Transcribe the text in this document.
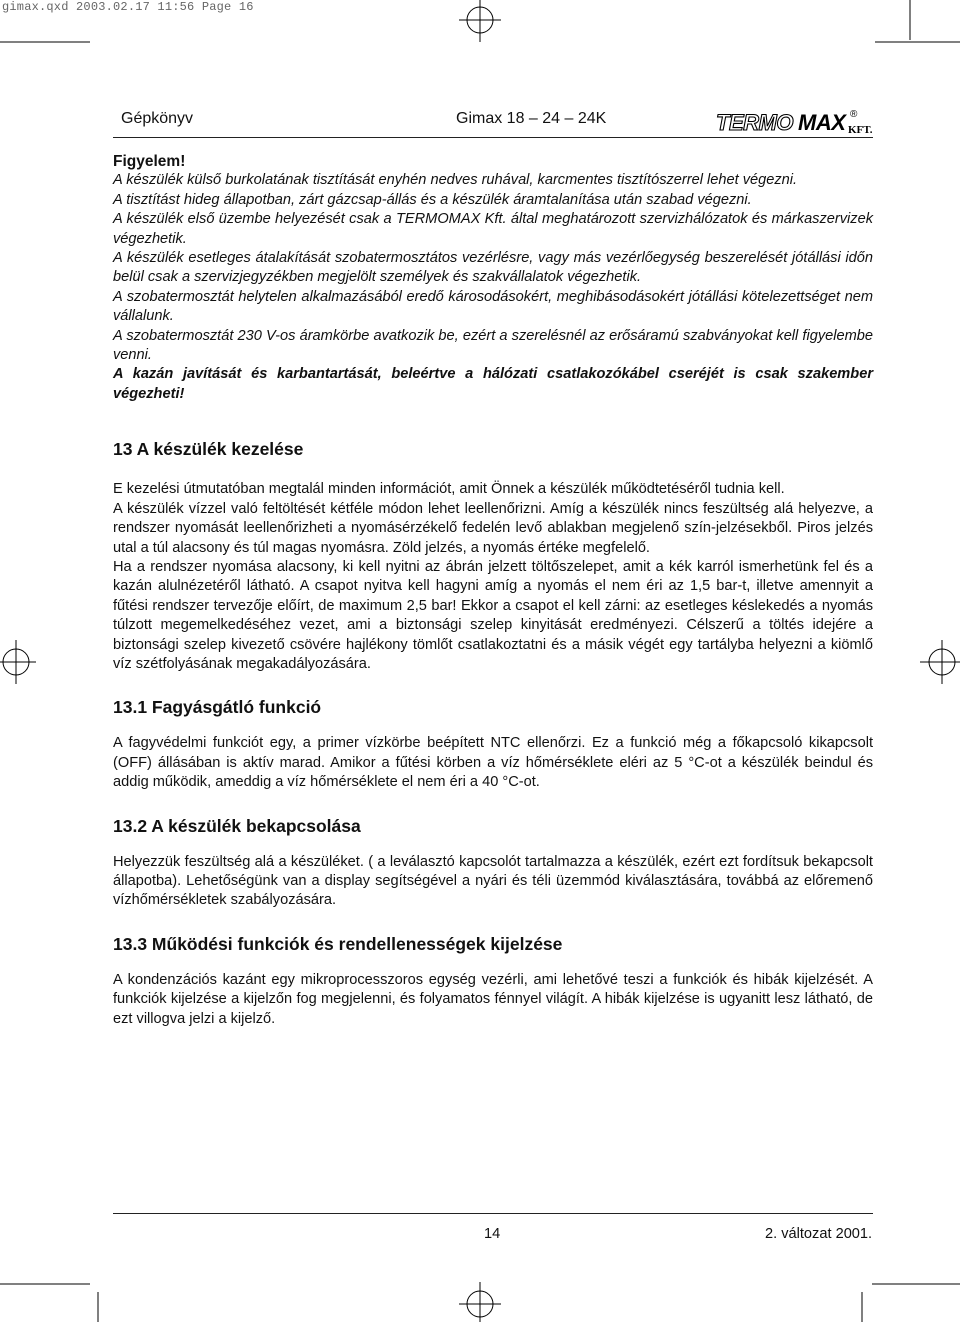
gimax.qxd 2003.02.17 11:56 Page 16
Gépkönyv	Gimax 18 – 24 – 24K	TERMO MAX KFT.
®

Figyelem!

A készülék külső burkolatának tisztítását enyhén nedves ruhával, karcmentes tisztítószerrel lehet végezni.

A tisztítást hideg állapotban, zárt gázcsap-állás és a készülék áramtalanítása után szabad végezni.

A készülék első üzembe helyezését csak a TERMOMAX Kft. által meghatározott szervizhálózatok és márkaszervizek végezhetik.

A készülék esetleges átalakítását szobatermosztátos vezérlésre, vagy más vezérlőegység beszerelését jótállási időn belül csak a szervizjegyzékben megjelölt személyek és szakvállalatok végezhetik.

A szobatermosztát helytelen alkalmazásából eredő károsodásokért, meghibásodásokért jótállási kötelezettséget nem vállalunk.

A szobatermosztát 230 V-os áramkörbe avatkozik be, ezért a szerelésnél az erősáramú szabványokat kell figyelembe venni.

A kazán javítását és karbantartását, beleértve a hálózati csatlakozókábel cseréjét is csak szakember végezheti!

13 A készülék kezelése

E kezelési útmutatóban megtalál minden információt, amit Önnek a készülék működtetéséről tudnia kell.

A készülék vízzel való feltöltését kétféle módon lehet leellenőrizni. Amíg a készülék nincs feszültség alá helyezve, a rendszer nyomását leellenőrizheti a nyomásérzékelő fedelén levő ablakban megjelenő szín-jelzésekből. Piros jelzés utal a túl alacsony és túl magas nyomásra. Zöld jelzés, a nyomás értéke megfelelő.

Ha a rendszer nyomása alacsony, ki kell nyitni az ábrán jelzett töltőszelepet, amit a kék karról ismerhetünk fel és a kazán alulnézetéről látható. A csapot nyitva kell hagyni amíg a nyomás el nem éri az 1,5 bar-t, illetve amennyit a fűtési rendszer tervezője előírt, de maximum 2,5 bar! Ekkor a csapot el kell zárni: az esetleges késlekedés a nyomás túlzott megemelkedéséhez vezet, ami a biztonsági szelep kinyitását eredményezi. Célszerű a töltés idejére a biztonsági szelep kivezető csövére hajlékony tömlőt csatlakoztatni és a másik végét egy tartályba helyezni a kiömlő víz szétfolyásának megakadályozására.

13.1 Fagyásgátló funkció

A fagyvédelmi funkciót egy, a primer vízkörbe beépített NTC ellenőrzi. Ez a funkció még a főkapcsoló kikapcsolt (OFF) állásában is aktív marad. Amikor a fűtési körben a víz hőmérséklete eléri az 5 °C-ot a készülék beindul és addig működik, ameddig a víz hőmérséklete el nem éri a 40 °C-ot.

13.2 A készülék bekapcsolása

Helyezzük feszültség alá a készüléket. ( a leválasztó kapcsolót tartalmazza a készülék, ezért ezt fordítsuk bekapcsolt állapotba). Lehetőségünk van a display segítségével a nyári és téli üzemmód kiválasztására, továbbá az előremenő vízhőmérsékletek szabályozására.

13.3 Működési funkciók és rendellenességek kijelzése

A kondenzációs kazánt egy mikroprocesszoros egység vezérli, ami lehetővé teszi a funkciók és hibák kijelzését. A funkciók kijelzése a kijelzőn fog megjelenni, és folyamatos fénnyel világít. A hibák kijelzése is ugyanitt lesz látható, de ezt villogva jelzi a kijelző.

14	2. változat 2001.
